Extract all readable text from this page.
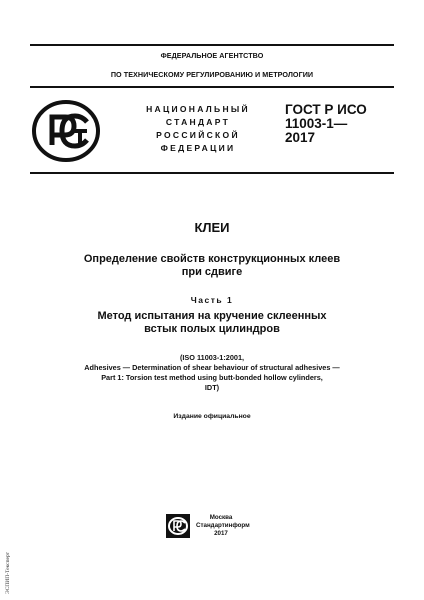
ФЕДЕРАЛЬНОЕ АГЕНТСТВО
ПО ТЕХНИЧЕСКОМУ РЕГУЛИРОВАНИЮ И МЕТРОЛОГИИ
НАЦИОНАЛЬНЫЙ
СТАНДАРТ
РОССИЙСКОЙ
ФЕДЕРАЦИИ
ГОСТ Р ИСО
11003-1—
2017
КЛЕИ
Определение свойств конструкционных клеев
при сдвиге
Часть 1
Метод испытания на кручение склеенных
встык полых цилиндров
(ISO 11003-1:2001,
Adhesives — Determination of shear behaviour of structural adhesives —
Part 1: Torsion test method using butt-bonded hollow cylinders,
IDT)
Издание официальное
Москва
Стандартинформ
2017
ЭСПИП-Тексперт
